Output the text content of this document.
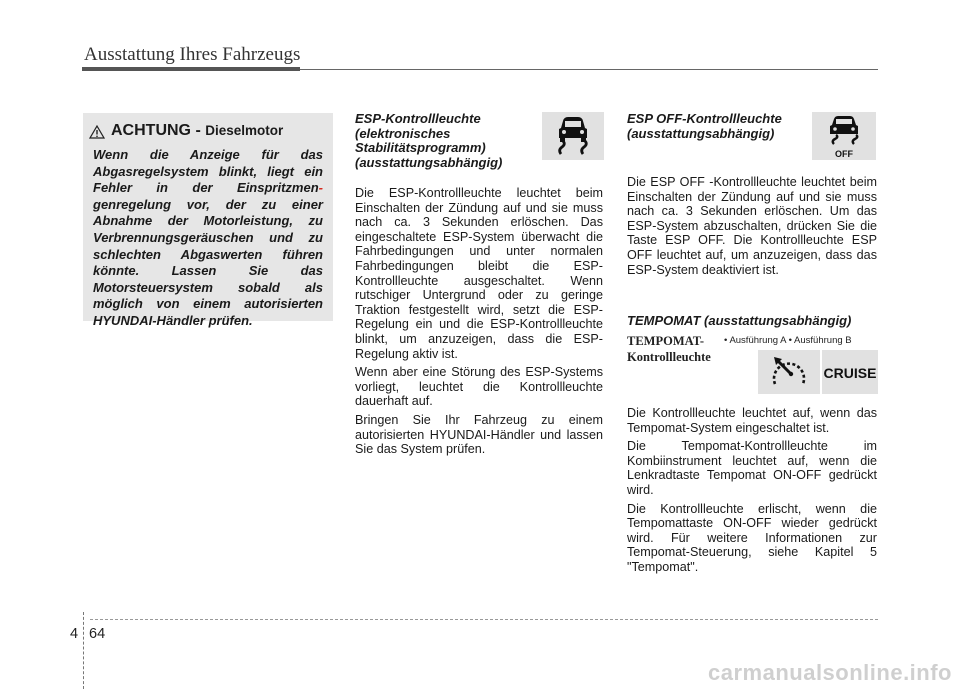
Ausstattung Ihres Fahrzeugs
ACHTUNG - Dieselmotor
Wenn die Anzeige für das Abgasregelsystem blinkt, liegt ein Fehler in der Einspritzmen- genregelung vor, der zu einer Abnahme der Motorleistung, zu Verbrennungsgeräuschen und zu schlechten Abgaswerten führen könnte. Lassen Sie das Motorsteuersystem sobald als möglich von einem autorisierten HYUNDAI-Händler prüfen.
ESP-Kontrollleuchte
(elektronisches
Stabilitätsprogramm)
(ausstattungsabhängig)

Die ESP-Kontrollleuchte leuchtet beim Einschalten der Zündung auf und sie muss nach ca. 3 Sekunden erlöschen. Das eingeschaltete ESP-System überwacht die Fahrbedingungen und unter normalen Fahrbedingungen bleibt die ESP-Kontrollleuchte ausgeschaltet. Wenn rutschiger Untergrund oder zu geringe Traktion festgestellt wird, setzt die ESP-Regelung ein und die ESP-Kontrollleuchte blinkt, um anzuzeigen, dass die ESP-Regelung aktiv ist.

Wenn aber eine Störung des ESP-Systems vorliegt, leuchtet die Kontrollleuchte dauerhaft auf.

Bringen Sie Ihr Fahrzeug zu einem autorisierten HYUNDAI-Händler und lassen Sie das System prüfen.

ESP OFF-Kontrollleuchte
(ausstattungsabhängig)
OFF

Die ESP OFF -Kontrollleuchte leuchtet beim Einschalten der Zündung auf und sie muss nach ca. 3 Sekunden erlöschen. Um das ESP-System abzuschalten, drücken Sie die Taste ESP OFF. Die Kontrollleuchte ESP OFF leuchtet auf, um anzuzeigen, dass das ESP-System deaktiviert ist.

TEMPOMAT (ausstattungsabhängig)
TEMPOMAT-
Kontrollleuchte
• Ausführung A • Ausführung B
CRUISE

Die Kontrollleuchte leuchtet auf, wenn das Tempomat-System eingeschaltet ist.

Die Tempomat-Kontrollleuchte im Kombiinstrument leuchtet auf, wenn die Lenkradtaste Tempomat ON-OFF gedrückt wird.

Die Kontrollleuchte erlischt, wenn die Tempomattaste ON-OFF wieder gedrückt wird. Für weitere Informationen zur Tempomat-Steuerung, siehe Kapitel 5 "Tempomat".

4 64
carmanualsonline.info
